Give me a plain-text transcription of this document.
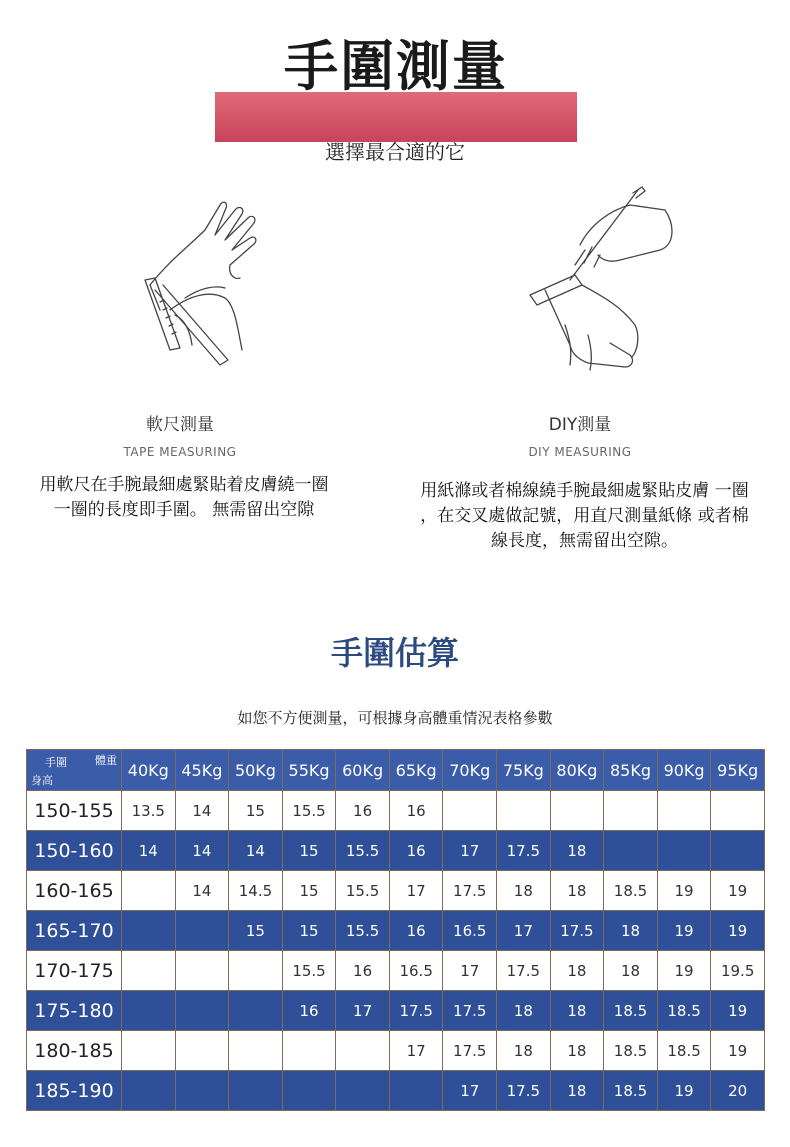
手圍測量
選擇最合適的它
軟尺測量
TAPE MEASURING
DIY測量
DIY MEASURING
用軟尺在手腕最細處緊貼着皮膚繞一圈
一圈的長度即手圍。 無需留出空隙
用紙滌或者棉線繞手腕最細處緊貼皮膚 一圈
，在交叉處做記號，用直尺測量紙條 或者棉
線長度，無需留出空隙。
手圍估算
如您不方便測量，可根據身高體重情況表格參數
手圍 體重
身高	40Kg	45Kg	50Kg	55Kg	60Kg	65Kg	70Kg	75Kg	80Kg	85Kg	90Kg	95Kg
150-155	13.5	14	15	15.5	16	16						
150-160	14	14	14	15	15.5	16	17	17.5	18			
160-165		14	14.5	15	15.5	17	17.5	18	18	18.5	19	19
165-170			15	15	15.5	16	16.5	17	17.5	18	19	19
170-175				15.5	16	16.5	17	17.5	18	18	19	19.5
175-180				16	17	17.5	17.5	18	18	18.5	18.5	19
180-185						17	17.5	18	18	18.5	18.5	19
185-190							17	17.5	18	18.5	19	20
